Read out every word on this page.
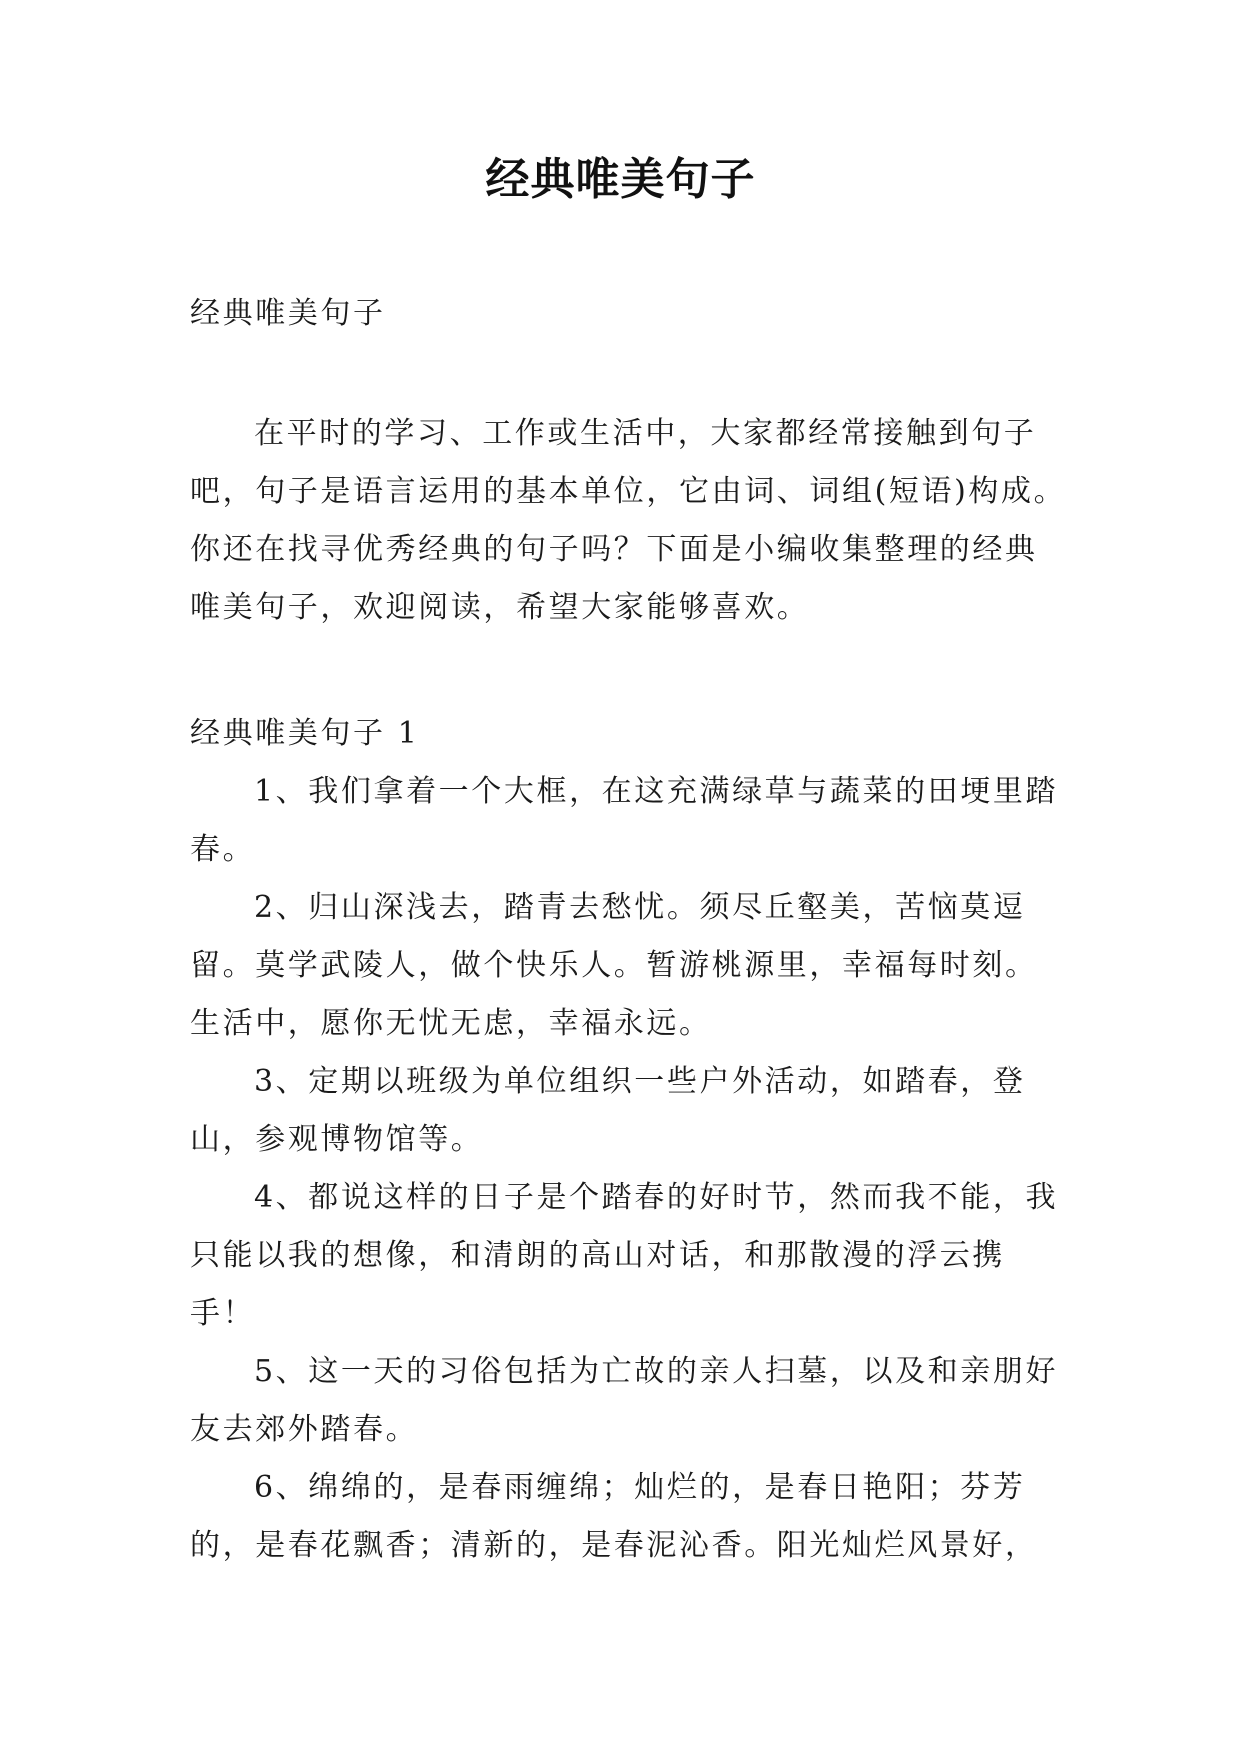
经典唯美句子

经典唯美句子

在平时的学习、工作或生活中，大家都经常接触到句子吧，句子是语言运用的基本单位，它由词、词组(短语)构成。你还在找寻优秀经典的句子吗？下面是小编收集整理的经典唯美句子，欢迎阅读，希望大家能够喜欢。

经典唯美句子 1

1、我们拿着一个大框，在这充满绿草与蔬菜的田埂里踏春。

2、归山深浅去，踏青去愁忧。须尽丘壑美，苦恼莫逗留。莫学武陵人，做个快乐人。暂游桃源里，幸福每时刻。生活中，愿你无忧无虑，幸福永远。

3、定期以班级为单位组织一些户外活动，如踏春，登山，参观博物馆等。

4、都说这样的日子是个踏春的好时节，然而我不能，我只能以我的想像，和清朗的高山对话，和那散漫的浮云携手！

5、这一天的习俗包括为亡故的亲人扫墓，以及和亲朋好友去郊外踏春。

6、绵绵的，是春雨缠绵；灿烂的，是春日艳阳；芬芳的，是春花飘香；清新的，是春泥沁香。阳光灿烂风景好，
